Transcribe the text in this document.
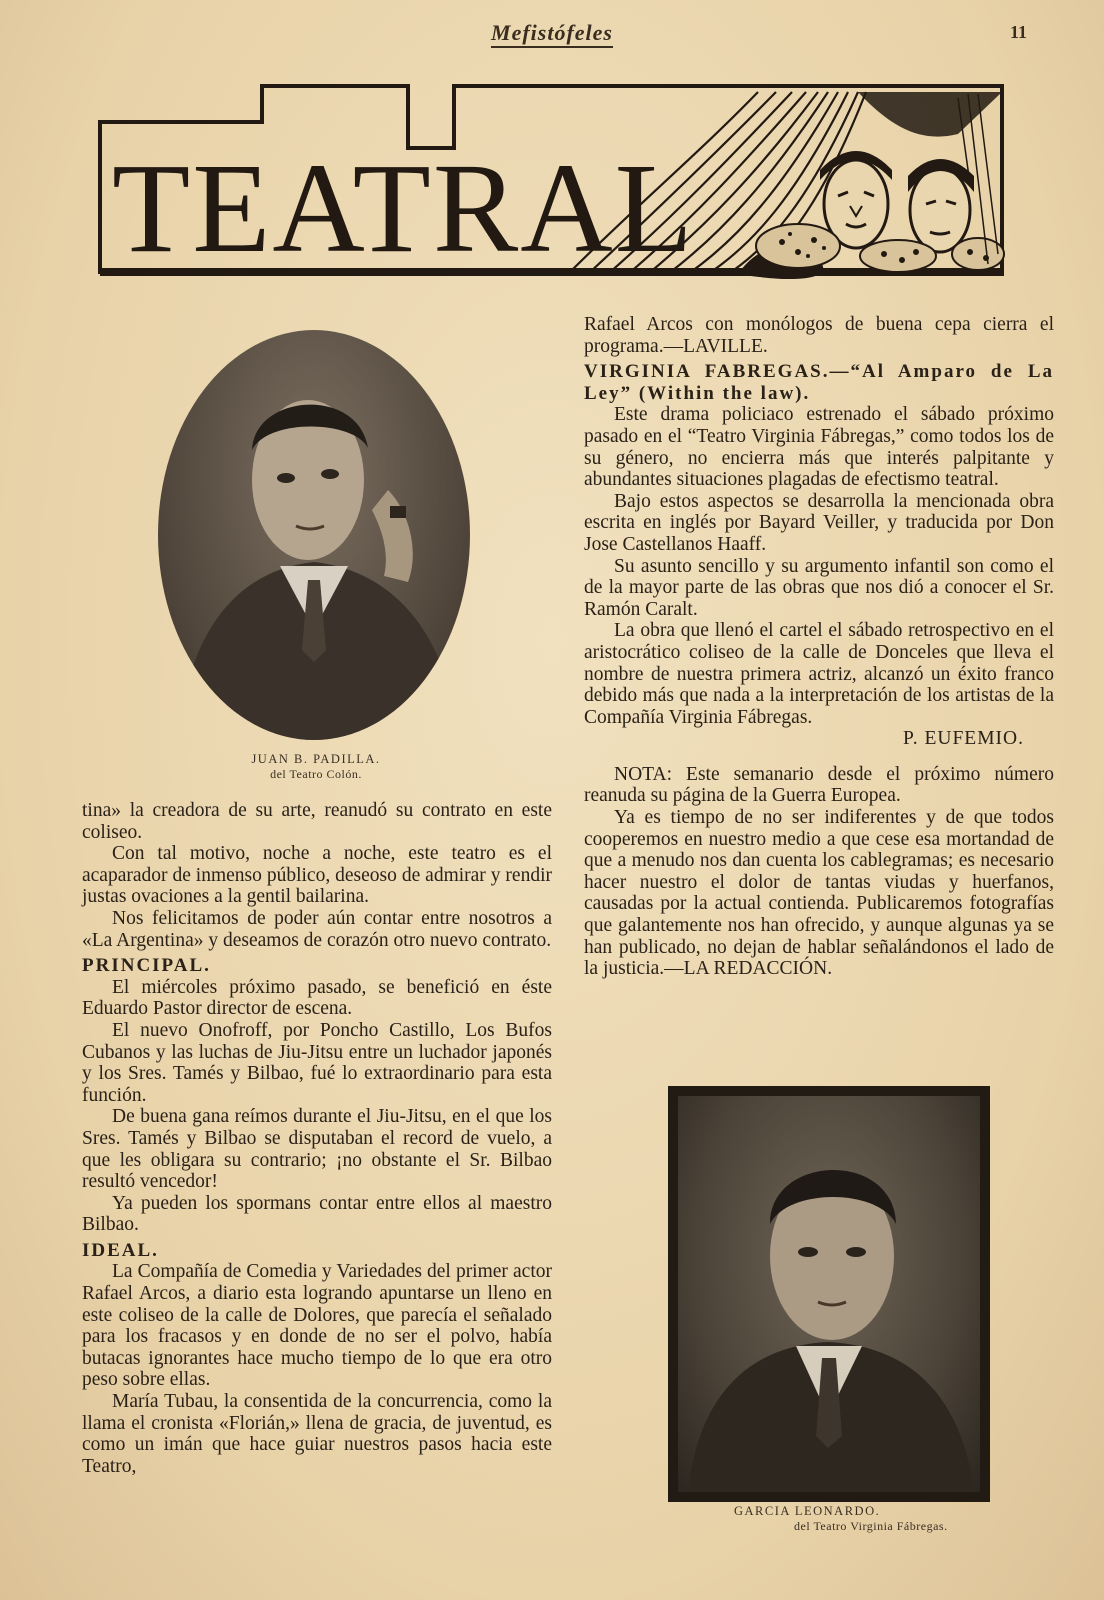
Mefistófeles	11
TEATRAL
JUAN B. PADILLA.
del Teatro Colón.

tina» la creadora de su arte, reanudó su contrato en este coliseo.

Con tal motivo, noche a noche, este teatro es el acaparador de inmenso público, deseoso de admirar y rendir justas ovaciones a la gentil bailarina.

Nos felicitamos de poder aún contar entre nosotros a «La Argentina» y deseamos de corazón otro nuevo contrato.

PRINCIPAL.

El miércoles próximo pasado, se benefició en éste Eduardo Pastor director de escena.

El nuevo Onofroff, por Poncho Castillo, Los Bufos Cubanos y las luchas de Jiu-Jitsu entre un luchador japonés y los Sres. Tamés y Bilbao, fué lo extraordinario para esta función.

De buena gana reímos durante el Jiu-Jitsu, en el que los Sres. Tamés y Bilbao se disputaban el record de vuelo, a que les obligara su contrario; ¡no obstante el Sr. Bilbao resultó vencedor!

Ya pueden los spormans contar entre ellos al maestro Bilbao.

IDEAL.

La Compañía de Comedia y Variedades del primer actor Rafael Arcos, a diario esta logrando apuntarse un lleno en este coliseo de la calle de Dolores, que parecía el señalado para los fracasos y en donde de no ser el polvo, había butacas ignorantes hace mucho tiempo de lo que era otro peso sobre ellas.

María Tubau, la consentida de la concurrencia, como la llama el cronista «Florián,» llena de gracia, de juventud, es como un imán que hace guiar nuestros pasos hacia este Teatro,

Rafael Arcos con monólogos de buena cepa cierra el programa.—LAVILLE.

VIRGINIA FABREGAS.—“Al Amparo de La Ley” (Within the law).

Este drama policiaco estrenado el sábado próximo pasado en el “Teatro Virginia Fábregas,” como todos los de su género, no encierra más que interés palpitante y abundantes situaciones plagadas de efectismo teatral.

Bajo estos aspectos se desarrolla la mencionada obra escrita en inglés por Bayard Veiller, y traducida por Don Jose Castellanos Haaff.

Su asunto sencillo y su argumento infantil son como el de la mayor parte de las obras que nos dió a conocer el Sr. Ramón Caralt.

La obra que llenó el cartel el sábado retrospectivo en el aristocrático coliseo de la calle de Donceles que lleva el nombre de nuestra primera actriz, alcanzó un éxito franco debido más que nada a la interpretación de los artistas de la Compañía Virginia Fábregas.

P. EUFEMIO.

NOTA: Este semanario desde el próximo número reanuda su página de la Guerra Europea.

Ya es tiempo de no ser indiferentes y de que todos cooperemos en nuestro medio a que cese esa mortandad de que a menudo nos dan cuenta los cablegramas; es necesario hacer nuestro el dolor de tantas viudas y huerfanos, causadas por la actual contienda. Publicaremos fotografías que galantemente nos han ofrecido, y aunque algunas ya se han publicado, no dejan de hablar señalándonos el lado de la justicia.—LA REDACCIÓN.

GARCIA LEONARDO.
del Teatro Virginia Fábregas.
